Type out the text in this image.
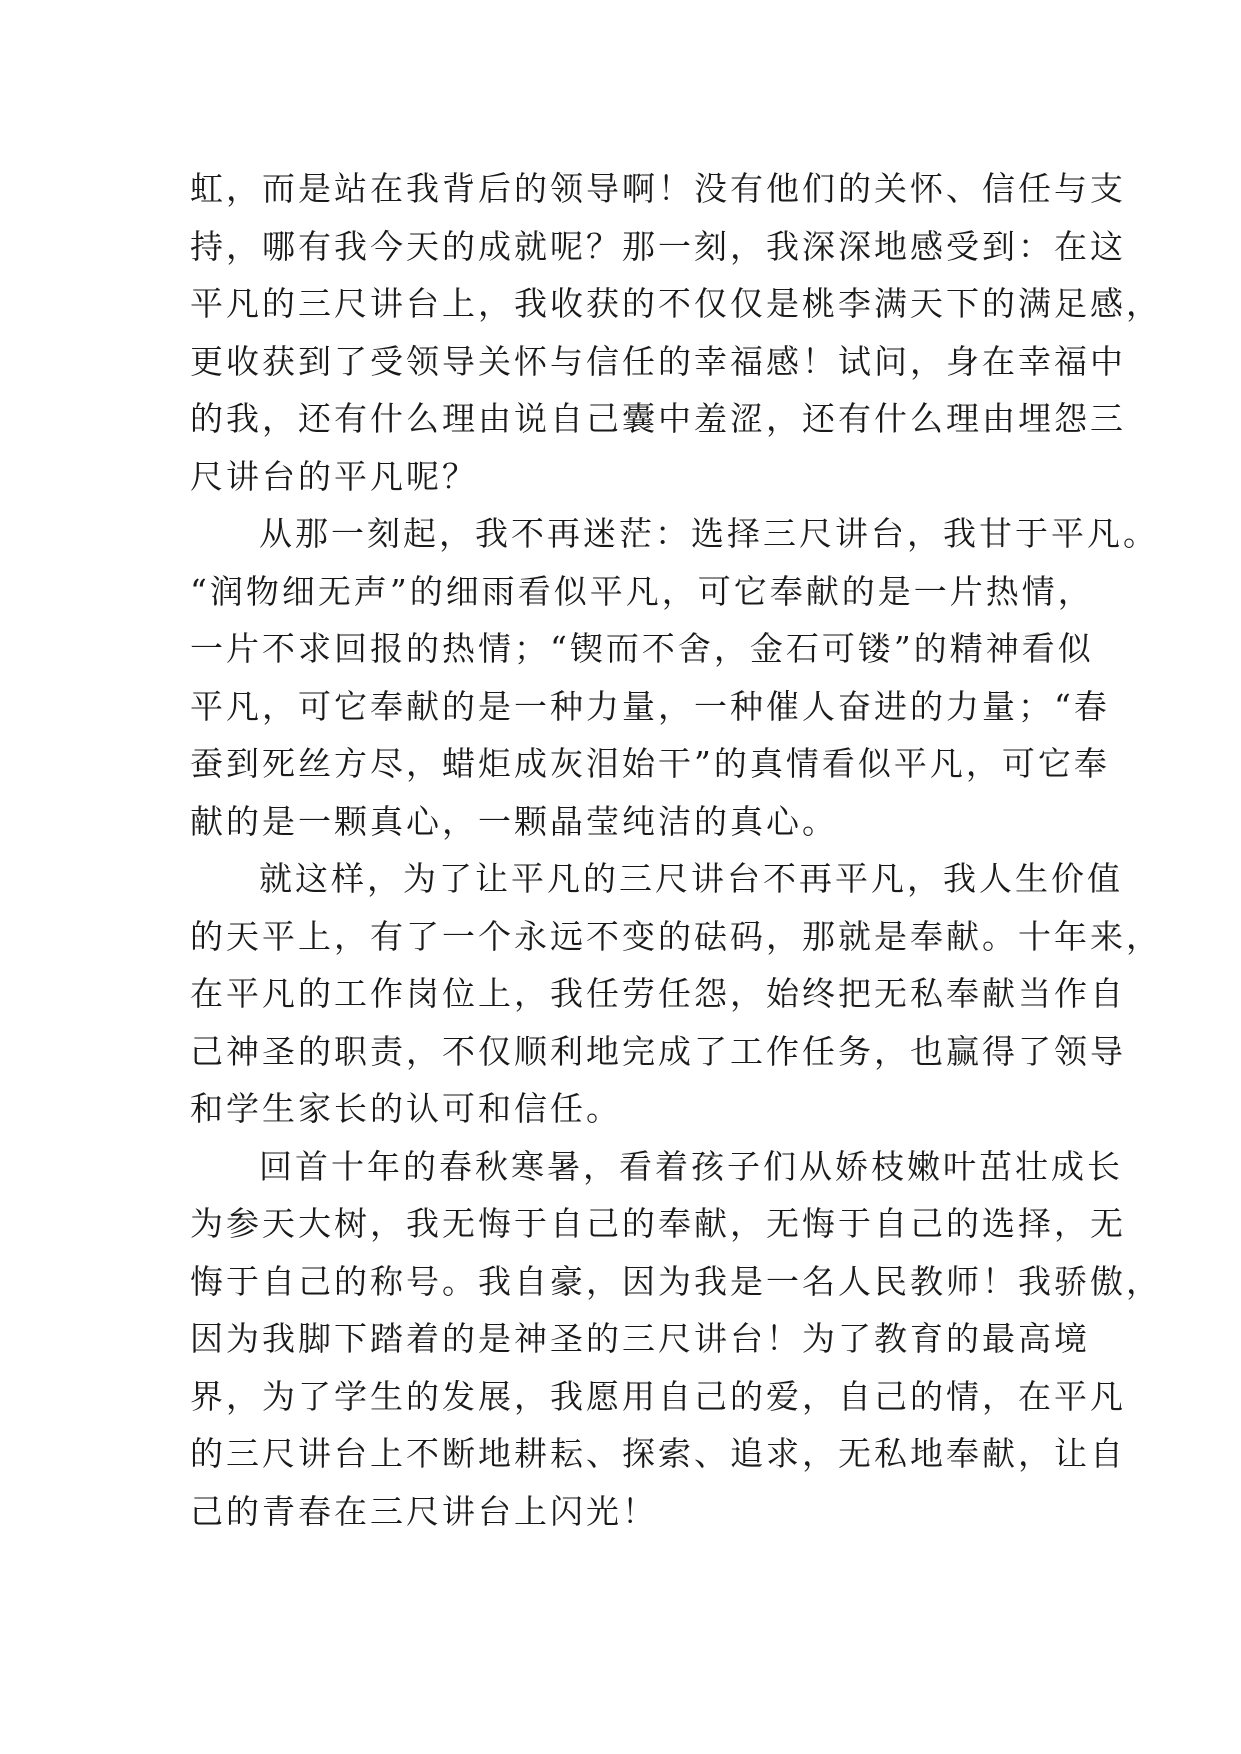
虹，而是站在我背后的领导啊！没有他们的关怀、信任与支
持，哪有我今天的成就呢？那一刻，我深深地感受到：在这
平凡的三尺讲台上，我收获的不仅仅是桃李满天下的满足感，
更收获到了受领导关怀与信任的幸福感！试问，身在幸福中
的我，还有什么理由说自己囊中羞涩，还有什么理由埋怨三
尺讲台的平凡呢？
从那一刻起，我不再迷茫：选择三尺讲台，我甘于平凡。
“润物细无声”的细雨看似平凡，可它奉献的是一片热情，
一片不求回报的热情；“锲而不舍，金石可镂”的精神看似
平凡，可它奉献的是一种力量，一种催人奋进的力量；“春
蚕到死丝方尽，蜡炬成灰泪始干”的真情看似平凡，可它奉
献的是一颗真心，一颗晶莹纯洁的真心。
就这样，为了让平凡的三尺讲台不再平凡，我人生价值
的天平上，有了一个永远不变的砝码，那就是奉献。十年来，
在平凡的工作岗位上，我任劳任怨，始终把无私奉献当作自
己神圣的职责，不仅顺利地完成了工作任务，也赢得了领导
和学生家长的认可和信任。
回首十年的春秋寒暑，看着孩子们从娇枝嫩叶茁壮成长
为参天大树，我无悔于自己的奉献，无悔于自己的选择，无
悔于自己的称号。我自豪，因为我是一名人民教师！我骄傲，
因为我脚下踏着的是神圣的三尺讲台！为了教育的最高境
界，为了学生的发展，我愿用自己的爱，自己的情，在平凡
的三尺讲台上不断地耕耘、探索、追求，无私地奉献，让自
己的青春在三尺讲台上闪光！
